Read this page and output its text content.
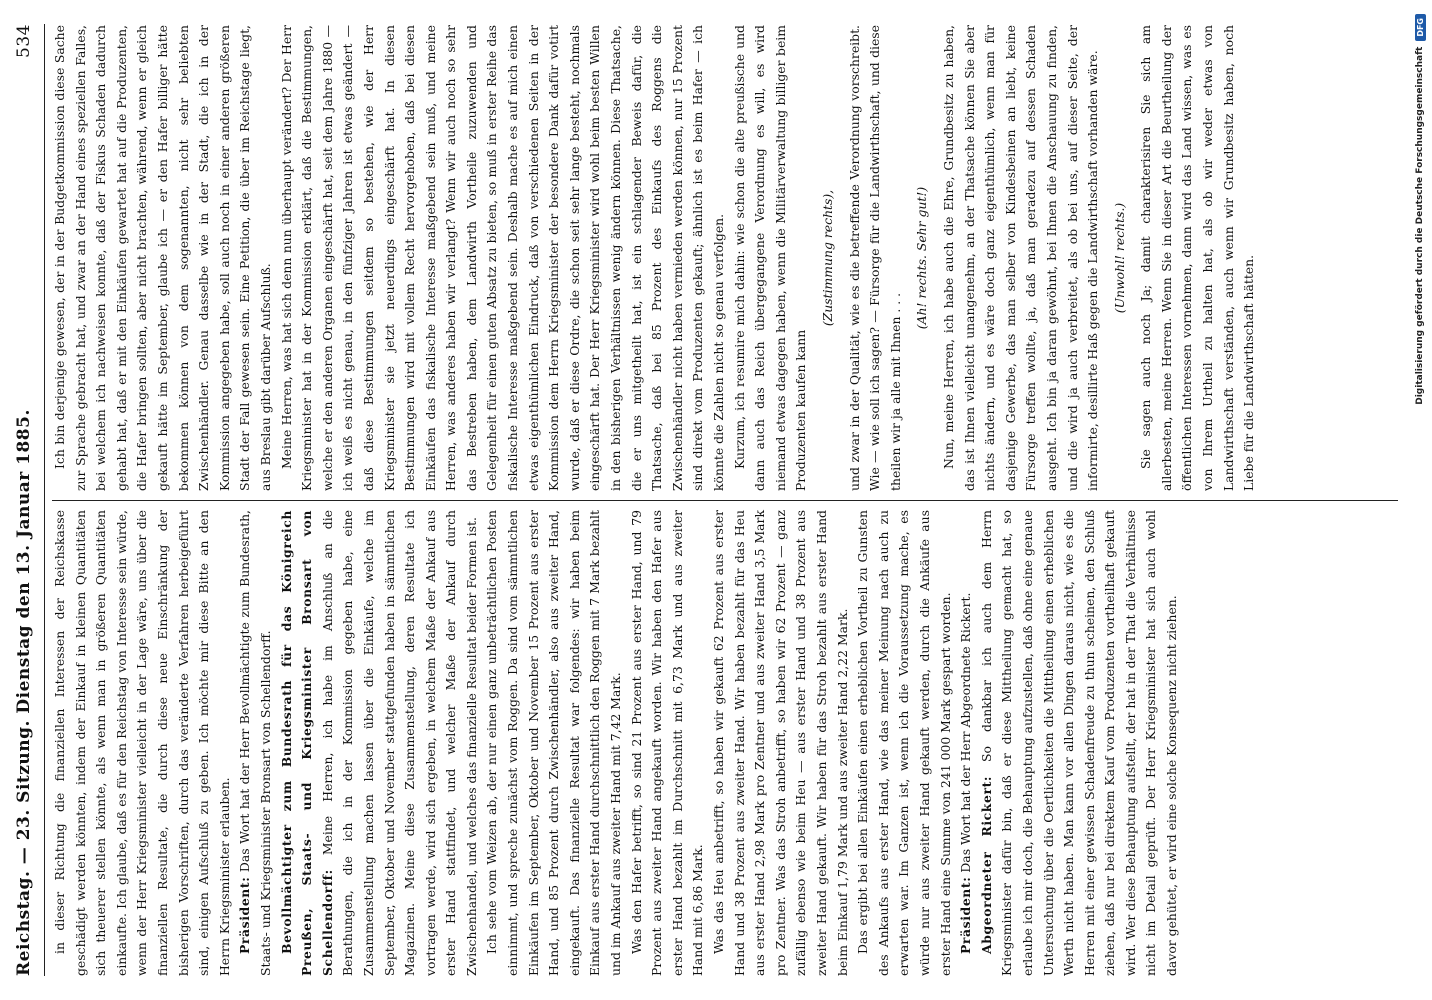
Reichstag. — 23. Sitzung. Dienstag den 13. Januar 1885.
534

in dieser Richtung die finanziellen Interessen der Reichskasse geschädigt werden könnten, indem der Einkauf in kleinen Quantitäten sich theuerer stellen könnte, als wenn man in größeren Quantitäten einkaufte. Ich glaube, daß es für den Reichstag von Interesse sein würde, wenn der Herr Kriegsminister vielleicht in der Lage wäre, uns über die finanziellen Resultate, die durch diese neue Einschränkung der bisherigen Vorschriften, durch das veränderte Verfahren herbeigeführt sind, einigen Aufschluß zu geben. Ich möchte mir diese Bitte an den Herrn Kriegsminister erlauben. Präsident: Das Wort hat der Herr Bevollmächtigte zum Bundesrath, Staats- und Kriegsminister Bronsart von Schellendorff. Bevollmächtigter zum Bundesrath für das Königreich Preußen, Staats- und Kriegsminister Bronsart von Schellendorff: Meine Herren, ich habe im Anschluß an die Berathungen, die ich in der Kommission gegeben habe, eine Zusammenstellung machen lassen über die Einkäufe, welche im September, Oktober und November stattgefunden haben in sämmtlichen Magazinen. Meine diese Zusammenstellung, deren Resultate ich vortragen werde, wird sich ergeben, in welchem Maße der Ankauf aus erster Hand stattfindet, und welcher Maße der Ankauf durch Zwischenhandel, und welches das finanzielle Resultat beider Formen ist. Ich sehe vom Weizen ab, der nur einen ganz unbeträchtlichen Posten einnimmt, und spreche zunächst vom Roggen. Da sind vom sämmtlichen Einkäufen im September, Oktober und November 15 Prozent aus erster Hand, und 85 Prozent durch Zwischenhändler, also aus zweiter Hand, eingekauft. Das finanzielle Resultat war folgendes: wir haben beim Einkauf aus erster Hand durchschnittlich den Roggen mit 7 Mark bezahlt und im Ankauf aus zweiter Hand mit 7,42 Mark. Was den Hafer betrifft, so sind 21 Prozent aus erster Hand, und 79 Prozent aus zweiter Hand angekauft worden. Wir haben den Hafer aus erster Hand bezahlt im Durchschnitt mit 6,73 Mark und aus zweiter Hand mit 6,86 Mark. Was das Heu anbetrifft, so haben wir gekauft 62 Prozent aus erster Hand und 38 Prozent aus zweiter Hand. Wir haben bezahlt für das Heu aus erster Hand 2,98 Mark pro Zentner und aus zweiter Hand 3,5 Mark pro Zentner. Was das Stroh anbetrifft, so haben wir 62 Prozent — ganz zufällig ebenso wie beim Heu — aus erster Hand und 38 Prozent aus zweiter Hand gekauft. Wir haben für das Stroh bezahlt aus erster Hand beim Einkauf 1,79 Mark und aus zweiter Hand 2,22 Mark. Das ergibt bei allen Einkäufen einen erheblichen Vortheil zu Gunsten des Ankaufs aus erster Hand, wie das meiner Meinung nach auch zu erwarten war. Im Ganzen ist, wenn ich die Voraussetzung mache, es würde nur aus zweiter Hand gekauft werden, durch die Ankäufe aus erster Hand eine Summe von 241 000 Mark gespart worden. Präsident: Das Wort hat der Herr Abgeordnete Rickert. Abgeordneter Rickert: So dankbar ich auch dem Herrn Kriegsminister dafür bin, daß er diese Mittheilung gemacht hat, so erlaube ich mir doch, die Behauptung aufzustellen, daß ohne eine genaue Untersuchung über die Oertlichkeiten die Mittheilung einen erheblichen Werth nicht haben. Man kann vor allen Dingen daraus nicht, wie es die Herren mit einer gewissen Schadenfreude zu thun scheinen, den Schluß ziehen, daß nur bei direktem Kauf vom Produzenten vortheilhaft gekauft wird. Wer diese Behauptung aufstellt, der hat in der That die Verhältnisse nicht im Detail geprüft. Der Herr Kriegsminister hat sich auch wohl davor gehütet, er wird eine solche Konsequenz nicht ziehen.

Ich bin derjenige gewesen, der in der Budgetkommission diese Sache zur Sprache gebracht hat, und zwar an der Hand eines speziellen Falles, bei welchem ich nachweisen konnte, daß der Fiskus Schaden dadurch gehabt hat, daß er mit den Einkäufen gewartet hat auf die Produzenten, die Hafer bringen sollten, aber nicht brachten, während, wenn er gleich gekauft hätte im September, glaube ich — er den Hafer billiger hätte bekommen können von dem sogenannten, nicht sehr beliebten Zwischenhändler. Genau dasselbe wie in der Stadt, die ich in der Kommission angegeben habe, soll auch noch in einer anderen größeren Stadt der Fall gewesen sein. Eine Petition, die über im Reichstage liegt, aus Breslau gibt darüber Aufschluß. Meine Herren, was hat sich denn nun überhaupt verändert? Der Herr Kriegsminister hat in der Kommission erklärt, daß die Bestimmungen, welche er den anderen Organen eingeschärft hat, seit dem Jahre 1880 — ich weiß es nicht genau, in den fünfziger Jahren ist etwas geändert — daß diese Bestimmungen seitdem so bestehen, wie der Herr Kriegsminister sie jetzt neuerdings eingeschärft hat. In diesen Bestimmungen wird mit vollem Recht hervorgehoben, daß bei diesen Einkäufen das fiskalische Interesse maßgebend sein muß, und meine Herren, was anderes haben wir verlangt? Wenn wir auch noch so sehr das Bestreben haben, dem Landwirth Vortheile zuzuwenden und Gelegenheit für einen guten Absatz zu bieten, so muß in erster Reihe das fiskalische Interesse maßgebend sein. Deshalb mache es auf mich einen etwas eigenthümlichen Eindruck, daß von verschiedenen Seiten in der Kommission dem Herrn Kriegsminister der besondere Dank dafür votirt wurde, daß er diese Ordre, die schon seit sehr lange besteht, nochmals eingeschärft hat. Der Herr Kriegsminister wird wohl beim besten Willen in den bisherigen Verhältnissen wenig ändern können. Diese Thatsache, die er uns mitgetheilt hat, ist ein schlagender Beweis dafür, die Thatsache, daß bei 85 Prozent des Einkaufs des Roggens die Zwischenhändler nicht haben vermieden werden können, nur 15 Prozent sind direkt vom Produzenten gekauft; ähnlich ist es beim Hafer — ich könnte die Zahlen nicht so genau verfolgen. Kurzum, ich resumire mich dahin: wie schon die alte preußische und dann auch das Reich übergegangene Verordnung es will, es wird niemand etwas dagegen haben, wenn die Militärverwaltung billiger beim Produzenten kaufen kann

(Zustimmung rechts), und zwar in der Qualität, wie es die betreffende Verordnung vorschreibt. Wie — wie soll ich sagen? — Fürsorge für die Landwirthschaft, und diese theilen wir ja alle mit Ihnen . . .

(Ah! rechts. Sehr gut!) Nun, meine Herren, ich habe auch die Ehre, Grundbesitz zu haben, das ist Ihnen vielleicht unangenehm, an der Thatsache können Sie aber nichts ändern, und es wäre doch ganz eigenthümlich, wenn man für dasjenige Gewerbe, das man selber von Kindesbeinen an liebt, keine Fürsorge treffen wollte, ja, daß man geradezu auf dessen Schaden ausgeht. Ich bin ja daran gewöhnt, bei Ihnen die Anschauung zu finden, und die wird ja auch verbreitet, als ob bei uns, auf dieser Seite, der informirte, desillirte Haß gegen die Landwirthschaft vorhanden wäre. (Unwohl! rechts.) Sie sagen auch noch Ja; damit charakterisiren Sie sich am allerbesten, meine Herren. Wenn Sie in dieser Art die Beurtheilung der öffentlichen Interessen vornehmen, dann wird das Land wissen, was es von Ihrem Urtheil zu halten hat, als ob wir weder etwas von Landwirthschaft verständen, auch wenn wir Grundbesitz haben, noch Liebe für die Landwirthschaft hätten.	Digitalisierung gefördert durch die Deutsche Forschungsgemeinschaft
DFG
